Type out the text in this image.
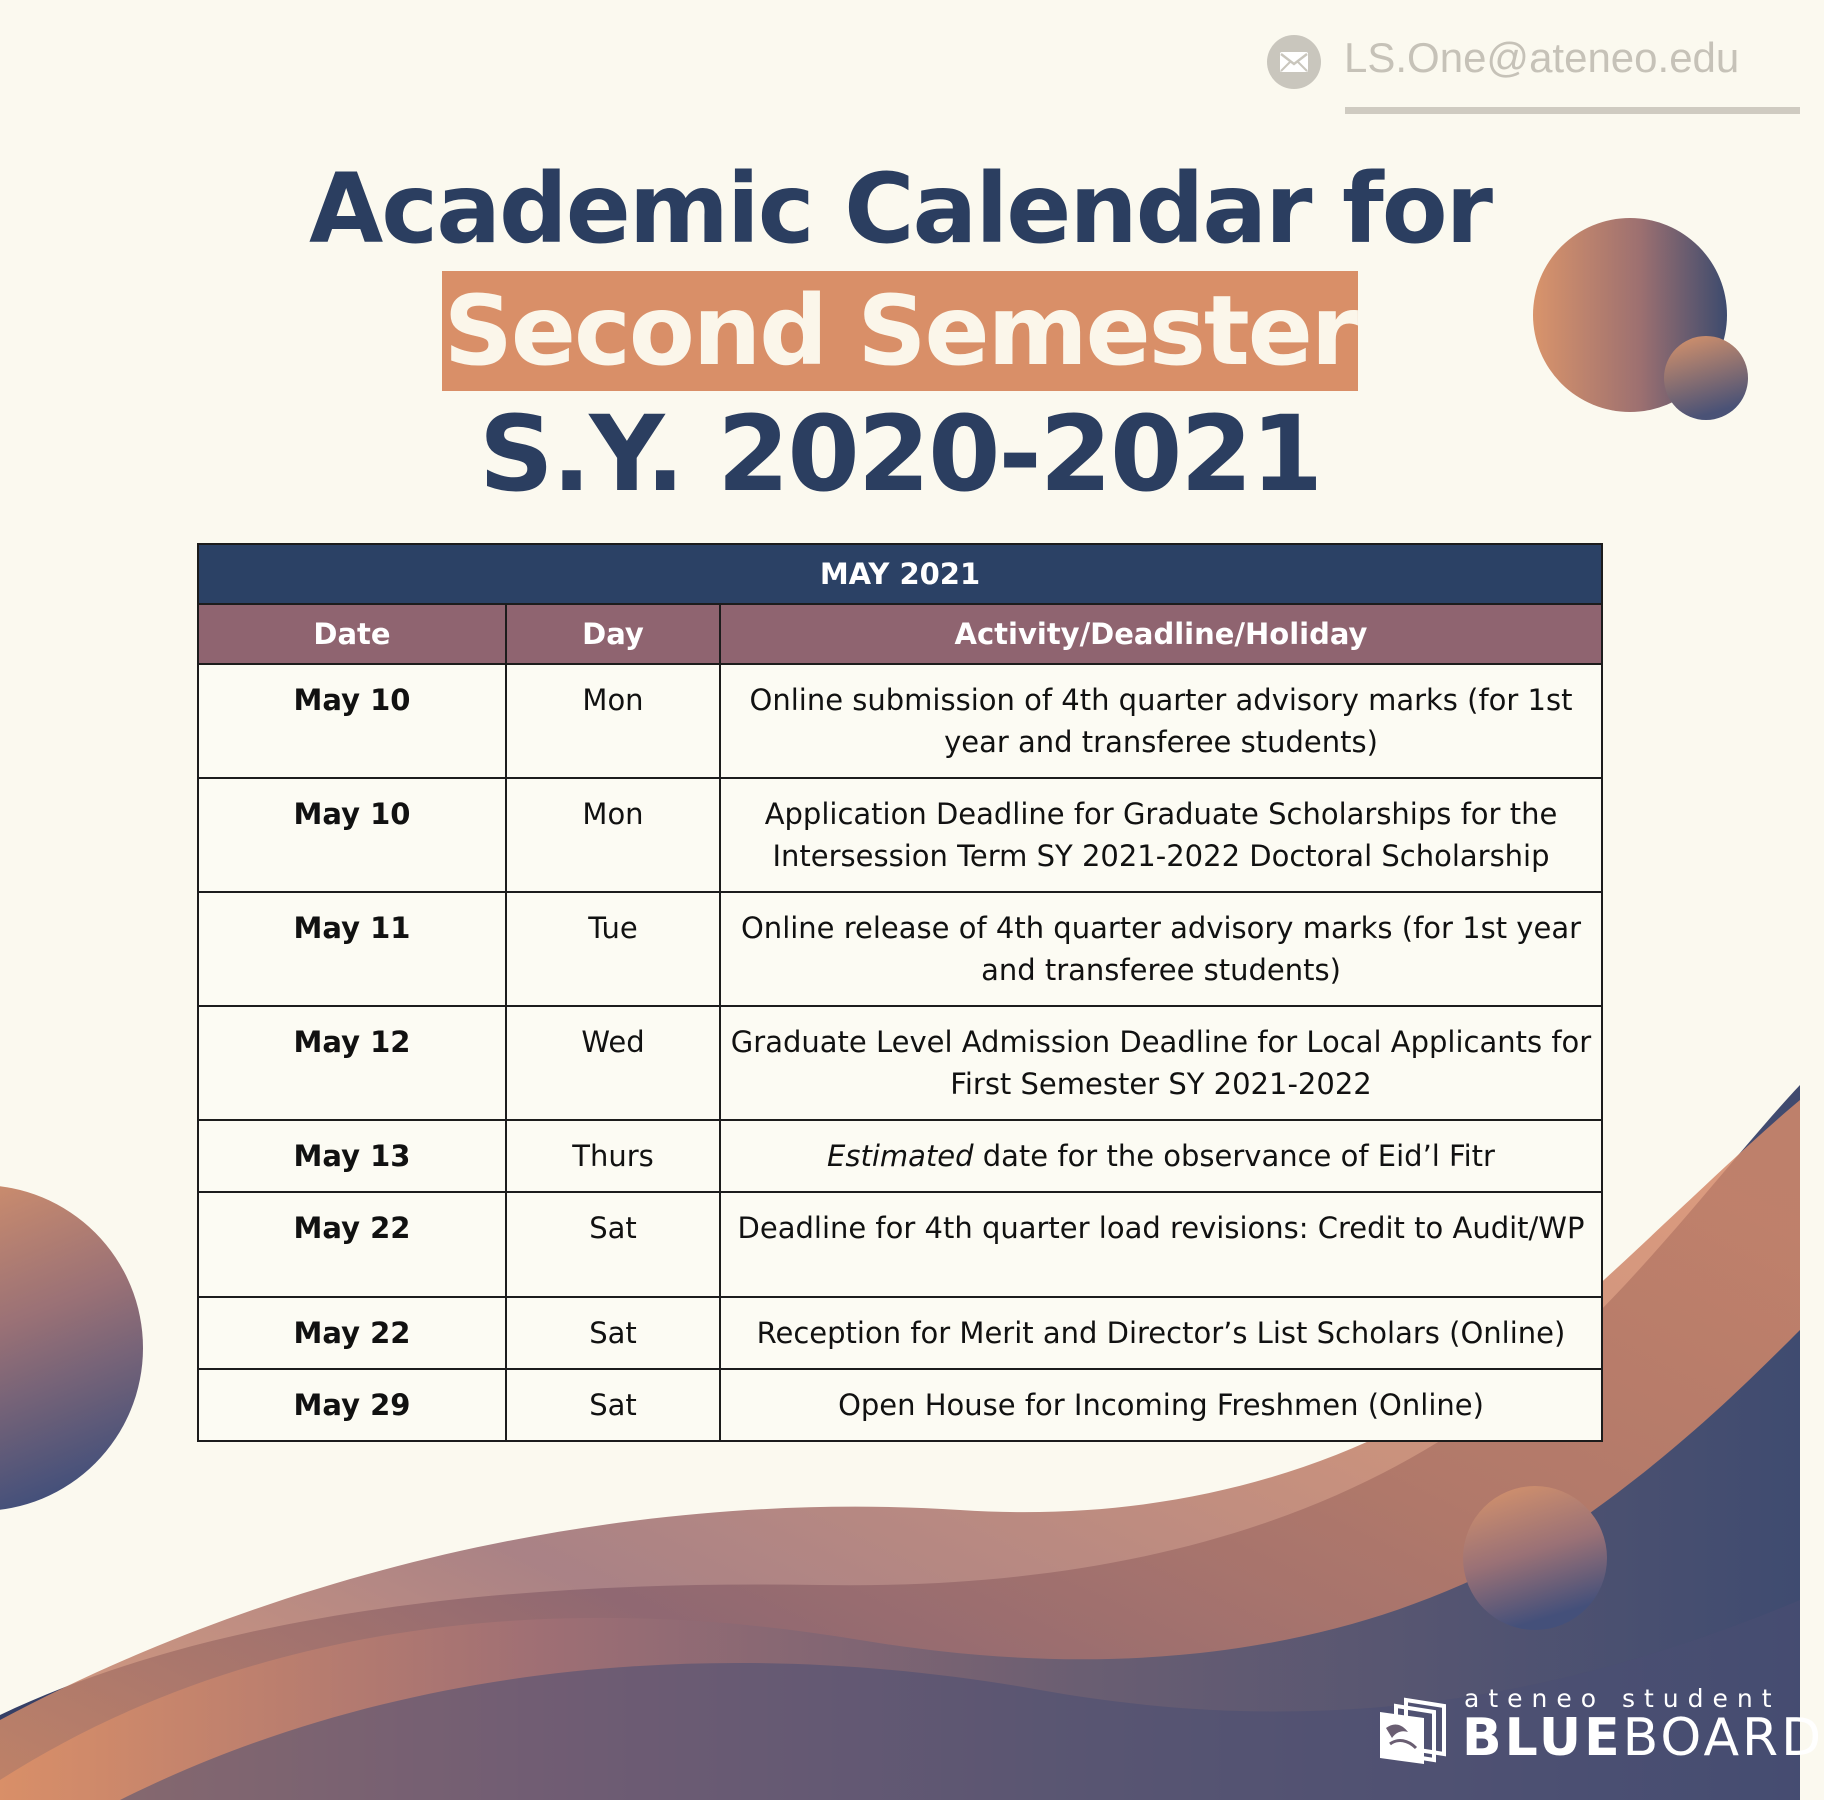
LS.One@ateneo.edu
Academic Calendar for
Second Semester
S.Y. 2020-2021
MAY 2021		
Date	Day	Activity/Deadline/Holiday
May 10	Mon	Online submission of 4th quarter advisory marks (for 1st year and transferee students)
May 10	Mon	Application Deadline for Graduate Scholarships for the Intersession Term SY 2021-2022 Doctoral Scholarship
May 11	Tue	Online release of 4th quarter advisory marks (for 1st year and transferee students)
May 12	Wed	Graduate Level Admission Deadline for Local Applicants for First Semester SY 2021-2022
May 13	Thurs	Estimated date for the observance of Eid’l Fitr
May 22	Sat	Deadline for 4th quarter load revisions: Credit to Audit/WP
May 22	Sat	Reception for Merit and Director’s List Scholars (Online)
May 29	Sat	Open House for Incoming Freshmen (Online)
ateneo student
BLUEBOARD
